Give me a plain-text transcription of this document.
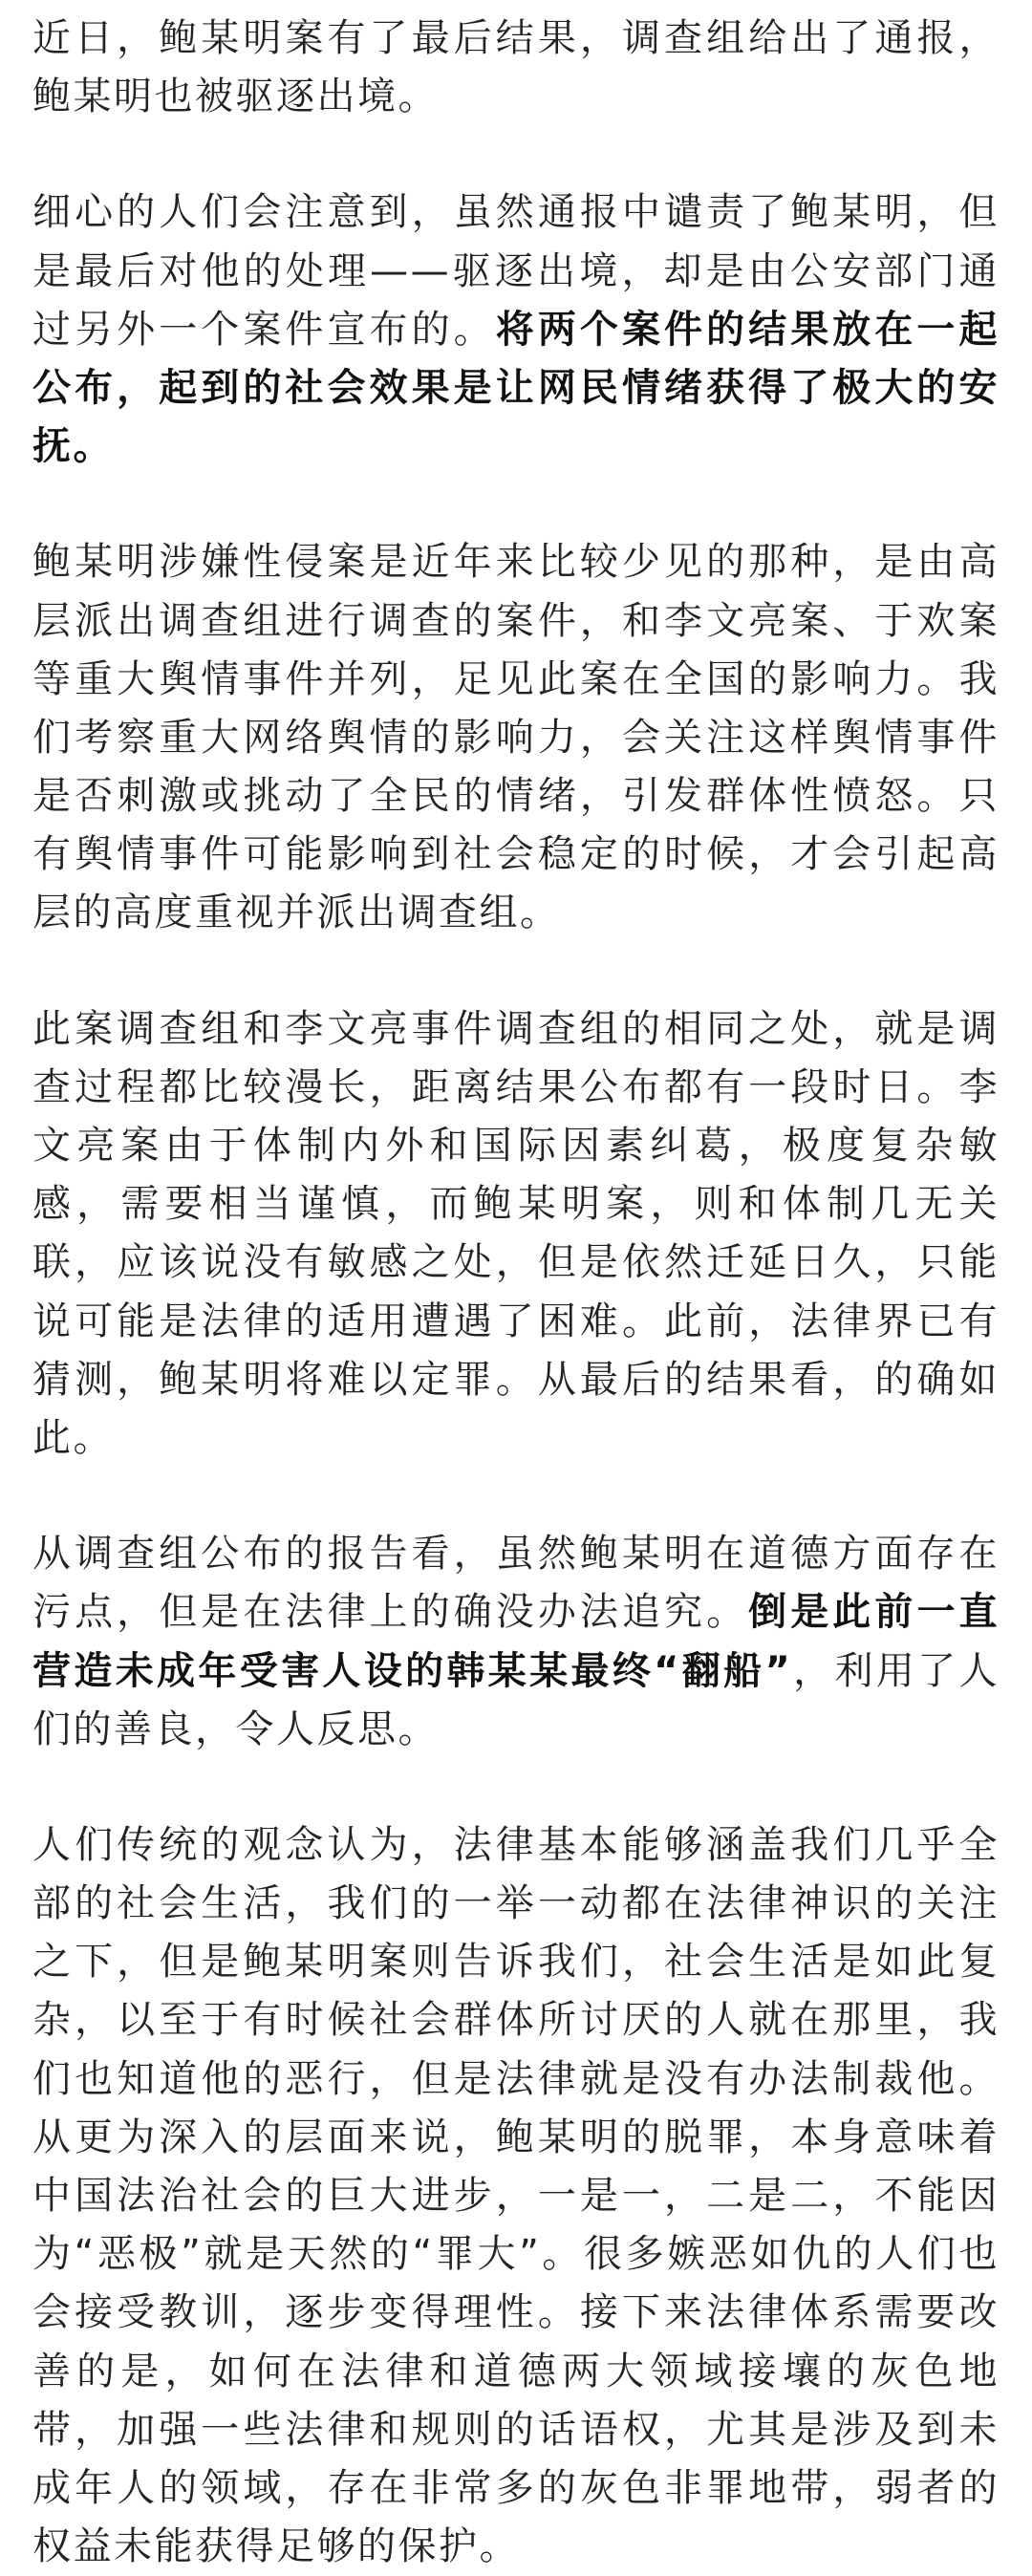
近日，鲍某明案有了最后结果，调查组给出了通报，鲍某明也被驱逐出境。

细心的人们会注意到，虽然通报中谴责了鲍某明，但是最后对他的处理——驱逐出境，却是由公安部门通过另外一个案件宣布的。将两个案件的结果放在一起公布，起到的社会效果是让网民情绪获得了极大的安抚。

鲍某明涉嫌性侵案是近年来比较少见的那种，是由高层派出调查组进行调查的案件，和李文亮案、于欢案等重大舆情事件并列，足见此案在全国的影响力。我们考察重大网络舆情的影响力，会关注这样舆情事件是否刺激或挑动了全民的情绪，引发群体性愤怒。只有舆情事件可能影响到社会稳定的时候，才会引起高层的高度重视并派出调查组。

此案调查组和李文亮事件调查组的相同之处，就是调查过程都比较漫长，距离结果公布都有一段时日。李文亮案由于体制内外和国际因素纠葛，极度复杂敏感，需要相当谨慎，而鲍某明案，则和体制几无关联，应该说没有敏感之处，但是依然迁延日久，只能说可能是法律的适用遭遇了困难。此前，法律界已有猜测，鲍某明将难以定罪。从最后的结果看，的确如此。

从调查组公布的报告看，虽然鲍某明在道德方面存在污点，但是在法律上的确没办法追究。倒是此前一直营造未成年受害人设的韩某某最终“翻船”，利用了人们的善良，令人反思。

人们传统的观念认为，法律基本能够涵盖我们几乎全部的社会生活，我们的一举一动都在法律神识的关注之下，但是鲍某明案则告诉我们，社会生活是如此复杂，以至于有时候社会群体所讨厌的人就在那里，我们也知道他的恶行，但是法律就是没有办法制裁他。从更为深入的层面来说，鲍某明的脱罪，本身意味着中国法治社会的巨大进步，一是一，二是二，不能因为“恶极”就是天然的“罪大”。很多嫉恶如仇的人们也会接受教训，逐步变得理性。接下来法律体系需要改善的是，如何在法律和道德两大领域接壤的灰色地带，加强一些法律和规则的话语权，尤其是涉及到未成年人的领域，存在非常多的灰色非罪地带，弱者的权益未能获得足够的保护。
